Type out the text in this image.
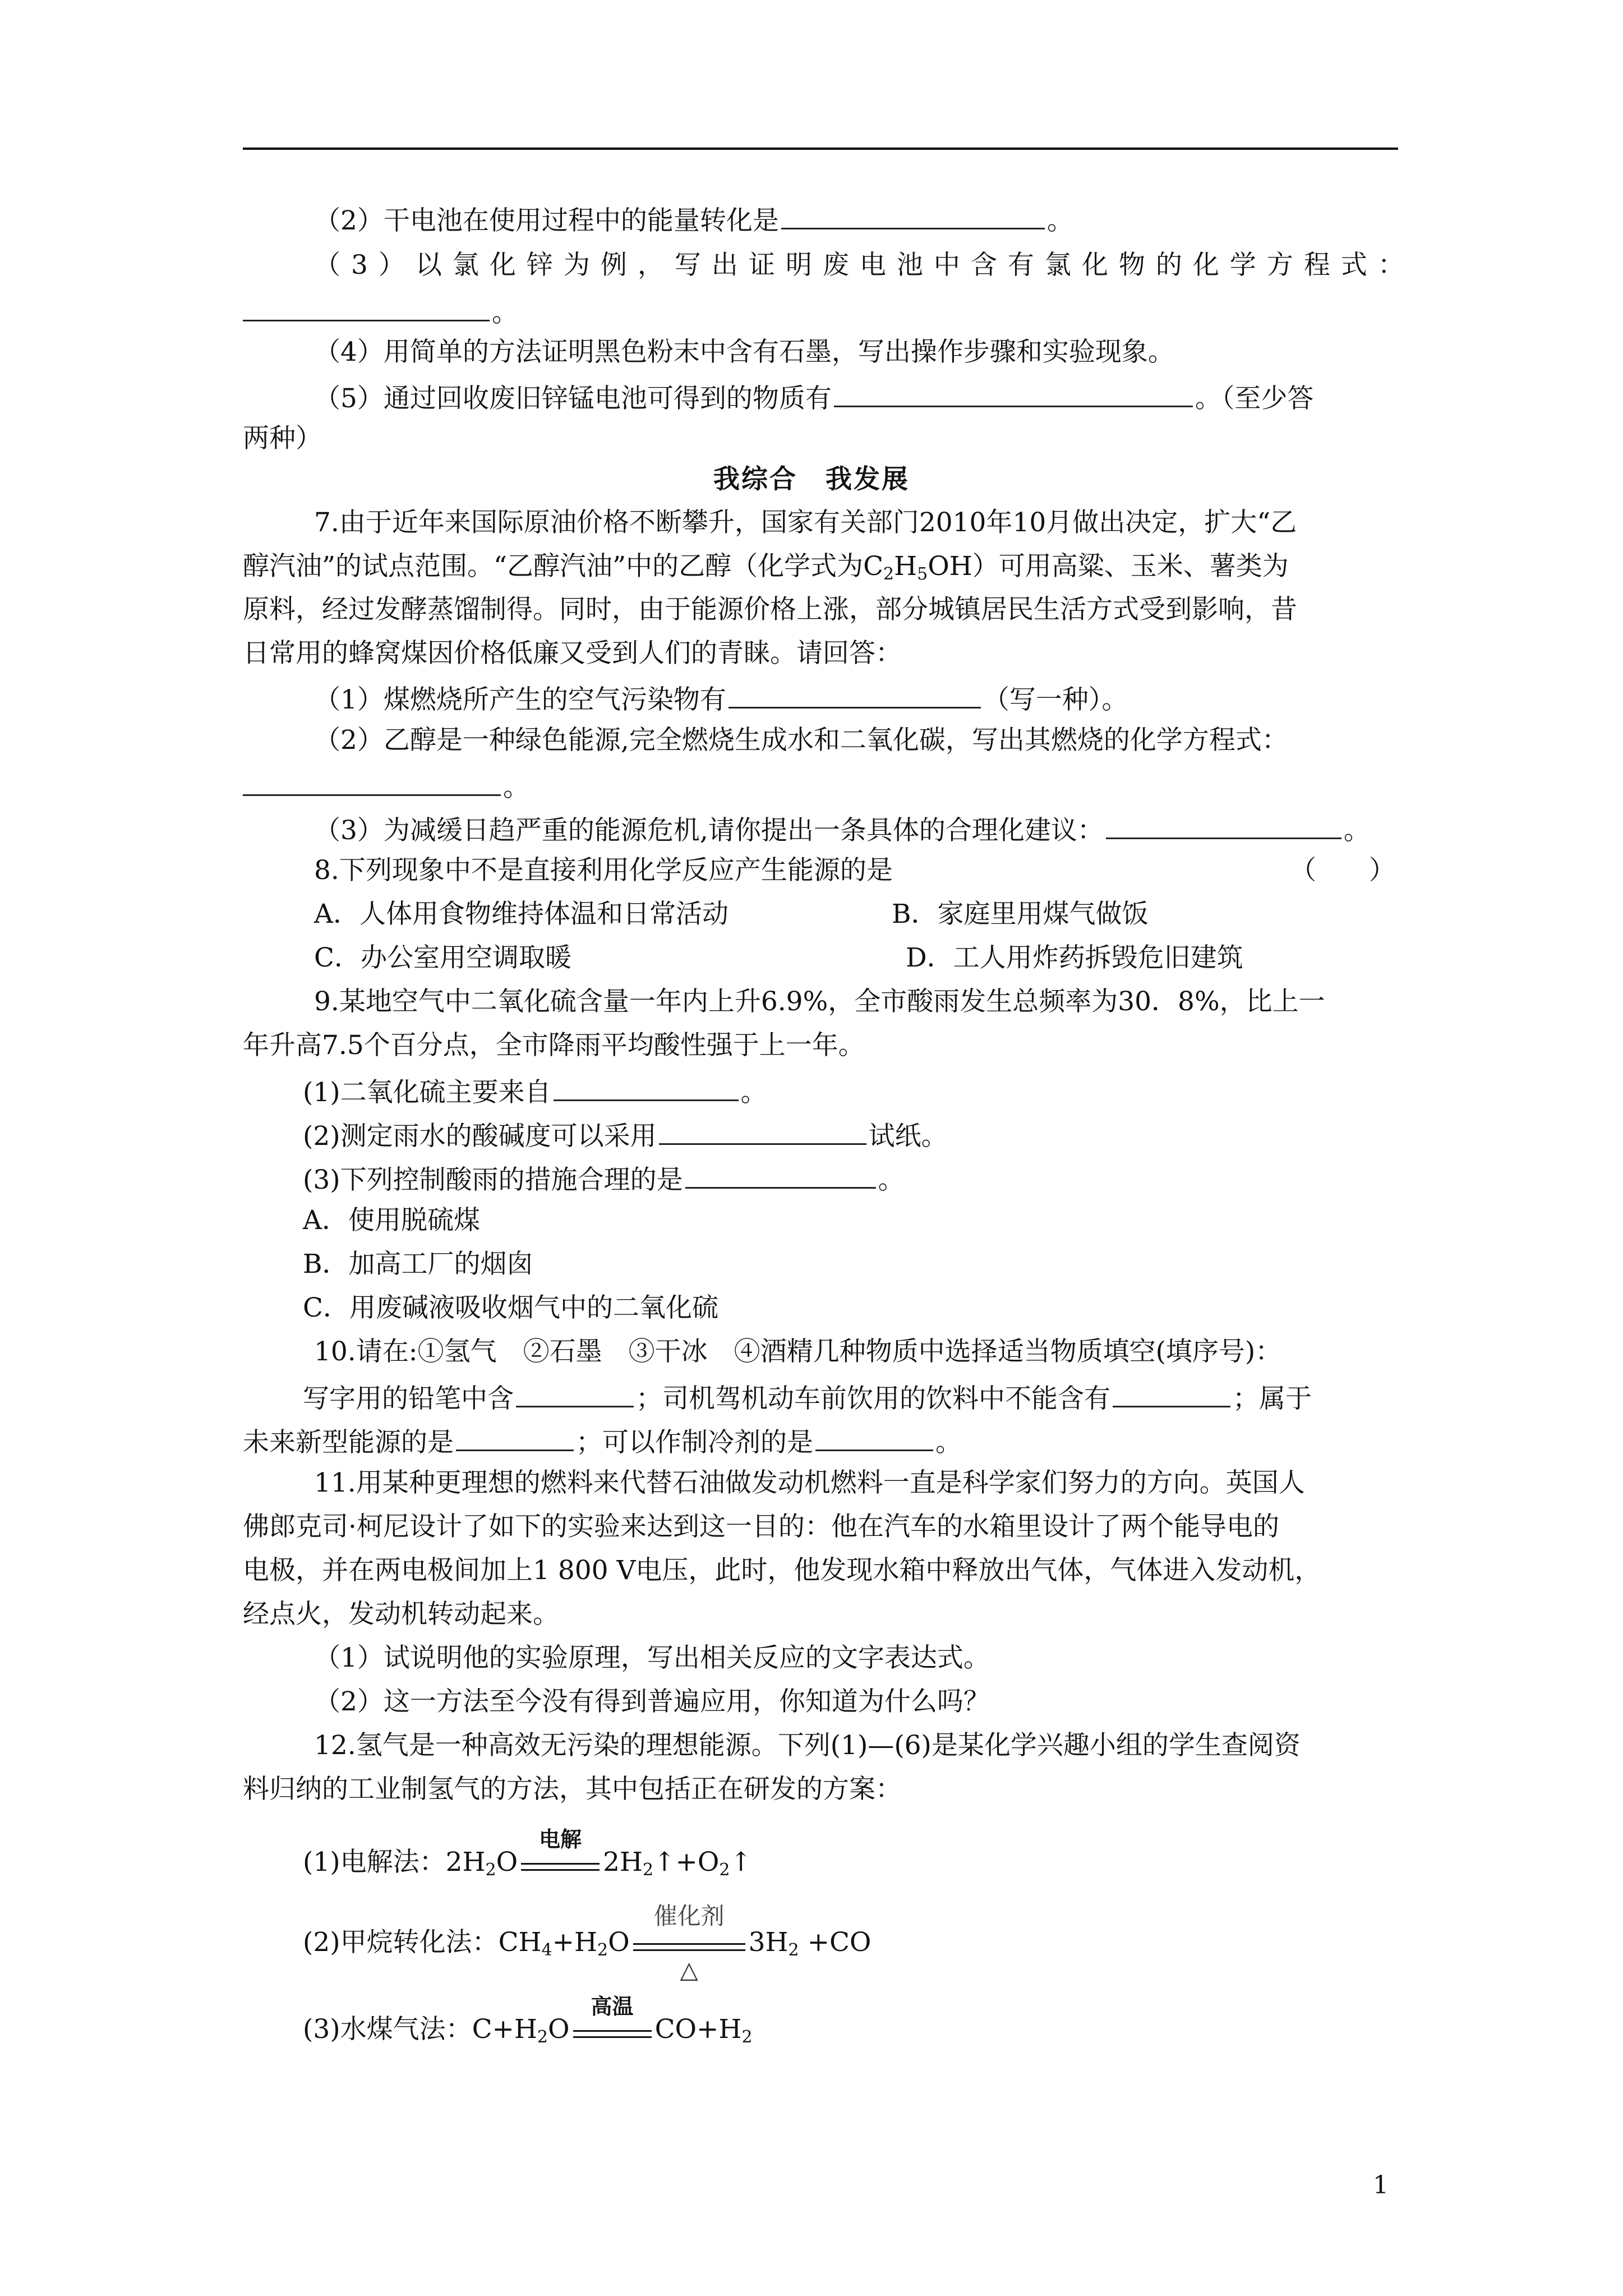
（2）干电池在使用过程中的能量转化是	。
（3）以氯化锌为例，写出证明废电池中含有氯化物的化学方程式：
。
（4）用简单的方法证明黑色粉末中含有石墨，写出操作步骤和实验现象。
（5）通过回收废旧锌锰电池可得到的物质有	。（至少答
两种）
我综合　我发展
7.由于近年来国际原油价格不断攀升，国家有关部门2010年10月做出决定，扩大“乙
醇汽油”的试点范围。“乙醇汽油”中的乙醇（化学式为$C_2H_5OH$）可用高粱、玉米、薯类为
原料，经过发酵蒸馏制得。同时，由于能源价格上涨，部分城镇居民生活方式受到影响，昔
日常用的蜂窝煤因价格低廉又受到人们的青睐。请回答：
（1）煤燃烧所产生的空气污染物有	（写一种）。
（2）乙醇是一种绿色能源,完全燃烧生成水和二氧化碳，写出其燃烧的化学方程式：
。
（3）为减缓日趋严重的能源危机,请你提出一条具体的合理化建议：	。
8.下列现象中不是直接利用化学反应产生能源的是	（　　）
A．人体用食物维持体温和日常活动	B．家庭里用煤气做饭
C．办公室用空调取暖	D．工人用炸药拆毁危旧建筑
9.某地空气中二氧化硫含量一年内上升6.9%，全市酸雨发生总频率为30．8%，比上一
年升高7.5个百分点，全市降雨平均酸性强于上一年。
(1)二氧化硫主要来自	。
(2)测定雨水的酸碱度可以采用	试纸。
(3)下列控制酸雨的措施合理的是	。
A．使用脱硫煤
B．加高工厂的烟囱
C．用废碱液吸收烟气中的二氧化硫
10.请在:①氢气　②石墨　③干冰　④酒精几种物质中选择适当物质填空(填序号)：
写字用的铅笔中含	；司机驾机动车前饮用的饮料中不能含有	；属于
未来新型能源的是	；可以作制冷剂的是	。
11.用某种更理想的燃料来代替石油做发动机燃料一直是科学家们努力的方向。英国人
佛郎克司·柯尼设计了如下的实验来达到这一目的：他在汽车的水箱里设计了两个能导电的
电极，并在两电极间加上1 800 V电压，此时，他发现水箱中释放出气体，气体进入发动机，
经点火，发动机转动起来。
（1）试说明他的实验原理，写出相关反应的文字表达式。
（2）这一方法至今没有得到普遍应用，你知道为什么吗？
12.氢气是一种高效无污染的理想能源。下列(1)—(6)是某化学兴趣小组的学生查阅资
料归纳的工业制氢气的方法，其中包括正在研发的方案：
(1)电解法：$2H_2O$
电解
$2H_2↑+O_2↑$
(2)甲烷转化法：$CH_4+H_2O$
催化剂
△
$3H_2 +CO$
(3)水煤气法：$C+H_2O$
高温
$CO+H_2$
1
